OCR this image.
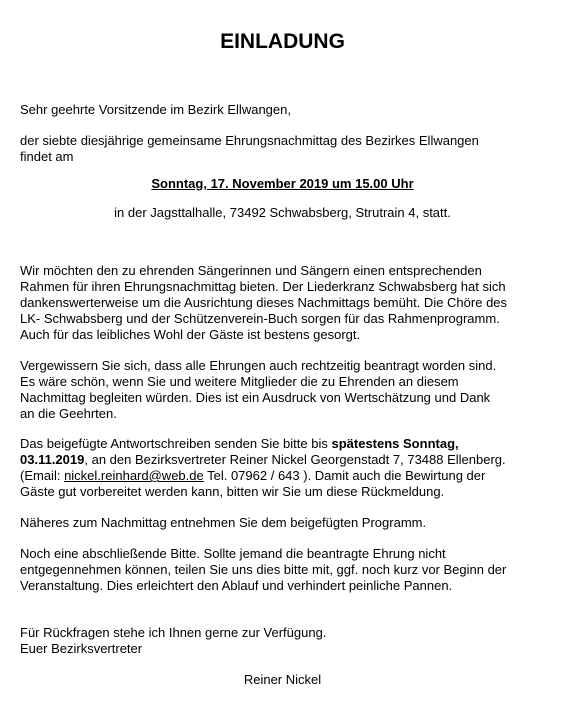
EINLADUNG
Sehr geehrte Vorsitzende im Bezirk Ellwangen,
der siebte diesjährige gemeinsame Ehrungsnachmittag des Bezirkes Ellwangen
findet am
Sonntag, 17. November 2019 um 15.00 Uhr
in der Jagsttalhalle, 73492 Schwabsberg, Strutrain 4, statt.
Wir möchten den zu ehrenden Sängerinnen und Sängern einen entsprechenden
Rahmen für ihren Ehrungsnachmittag bieten. Der Liederkranz Schwabsberg hat sich
dankenswerterweise um die Ausrichtung dieses Nachmittags bemüht. Die Chöre des
LK- Schwabsberg und der Schützenverein-Buch sorgen für das Rahmenprogramm.
Auch für das leibliches Wohl der Gäste ist bestens gesorgt.
Vergewissern Sie sich, dass alle Ehrungen auch rechtzeitig beantragt worden sind.
Es wäre schön, wenn Sie und weitere Mitglieder die zu Ehrenden an diesem
Nachmittag begleiten würden. Dies ist ein Ausdruck von Wertschätzung und Dank
an die Geehrten.
Das beigefügte Antwortschreiben senden Sie bitte bis spätestens Sonntag,
03.11.2019, an den Bezirksvertreter Reiner Nickel Georgenstadt 7, 73488 Ellenberg.
(Email: nickel.reinhard@web.de Tel. 07962 / 643 ). Damit auch die Bewirtung der
Gäste gut vorbereitet werden kann, bitten wir Sie um diese Rückmeldung.
Näheres zum Nachmittag entnehmen Sie dem beigefügten Programm.
Noch eine abschließende Bitte. Sollte jemand die beantragte Ehrung nicht
entgegennehmen können, teilen Sie uns dies bitte mit, ggf. noch kurz vor Beginn der
Veranstaltung. Dies erleichtert den Ablauf und verhindert peinliche Pannen.
Für Rückfragen stehe ich Ihnen gerne zur Verfügung.
Euer Bezirksvertreter
Reiner Nickel
